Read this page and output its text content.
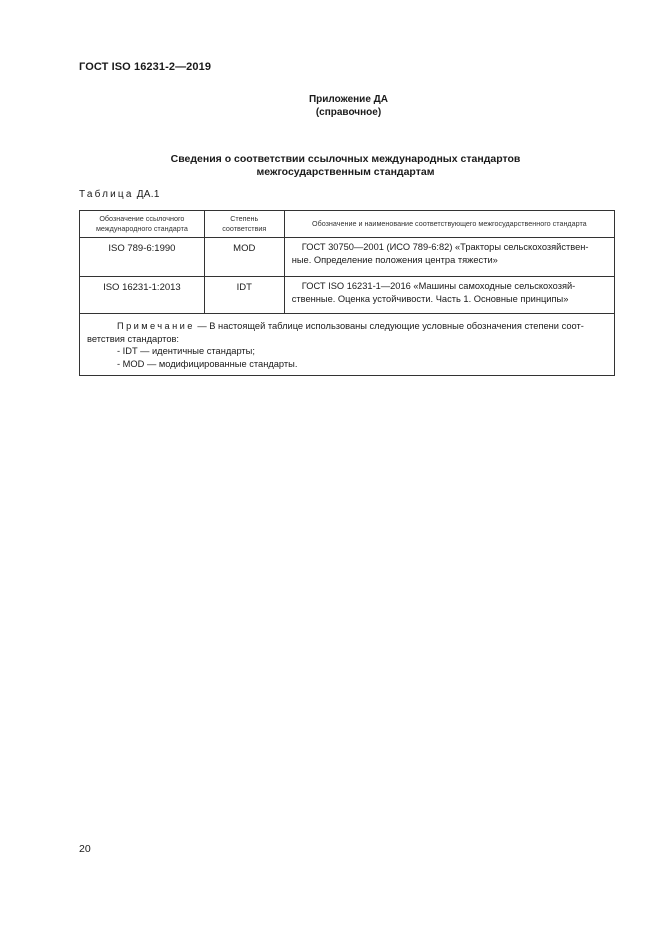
ГОСТ ISO 16231-2—2019
Приложение ДА
(справочное)
Сведения о соответствии ссылочных международных стандартов
межгосударственным стандартам
Таблица ДА.1
Обозначение ссылочного международного стандарта	Степень соответствия	Обозначение и наименование соответствующего межгосударственного стандарта
ISO 789-6:1990	MOD	ГОСТ 30750—2001 (ИСО 789-6:82) «Тракторы сельскохозяйствен-
ные. Определение положения центра тяжести»

ISO 16231-1:2013	IDT	ГОСТ ISO 16231-1—2016 «Машины самоходные сельскохозяй-
ственные. Оценка устойчивости. Часть 1. Основные принципы»

Примечание — В настоящей таблице использованы следующие условные обозначения степени соот-
ветствия стандартов:
- IDT — идентичные стандарты;
- MOD — модифицированные стандарты.		
20
